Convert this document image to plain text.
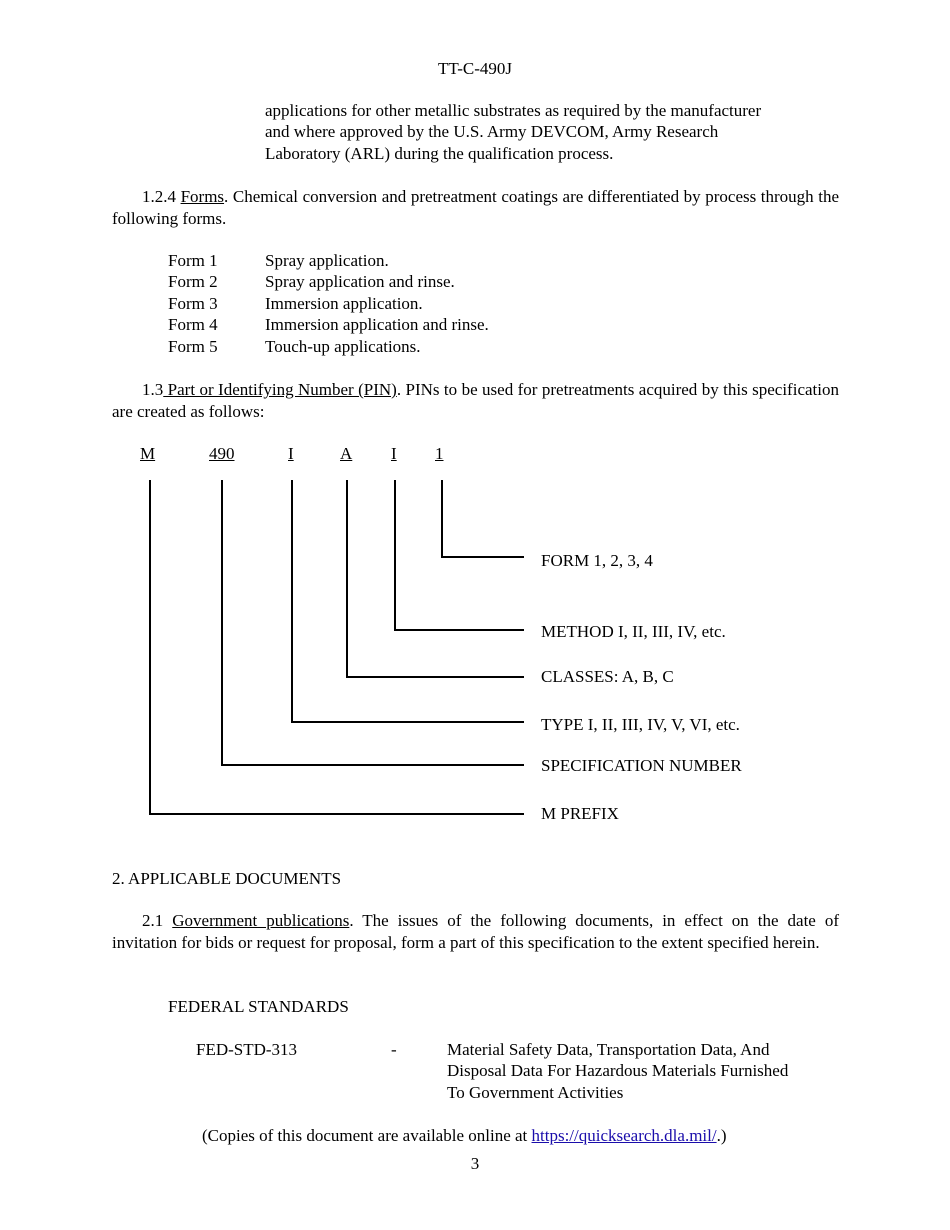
TT-C-490J
applications for other metallic substrates as required by the manufacturer
and where approved by the U.S. Army DEVCOM, Army Research
Laboratory (ARL) during the qualification process.
1.2.4 Forms. Chemical conversion and pretreatment coatings are differentiated by process through the following forms.
Form 1	Spray application.
Form 2	Spray application and rinse.
Form 3	Immersion application.
Form 4	Immersion application and rinse.
Form 5	Touch-up applications.
1.3 Part or Identifying Number (PIN). PINs to be used for pretreatments acquired by this specification are created as follows:
M	490	I	A I 1
FORM 1, 2, 3, 4
METHOD I, II, III, IV, etc.
CLASSES: A, B, C
TYPE I, II, III, IV, V, VI, etc.
SPECIFICATION NUMBER
M PREFIX
2. APPLICABLE DOCUMENTS
2.1 Government publications. The issues of the following documents, in effect on the date of invitation for bids or request for proposal, form a part of this specification to the extent specified herein.
FEDERAL STANDARDS
FED-STD-313	-	Material Safety Data, Transportation Data, And
Disposal Data For Hazardous Materials Furnished
To Government Activities
(Copies of this document are available online at https://quicksearch.dla.mil/.)
3
